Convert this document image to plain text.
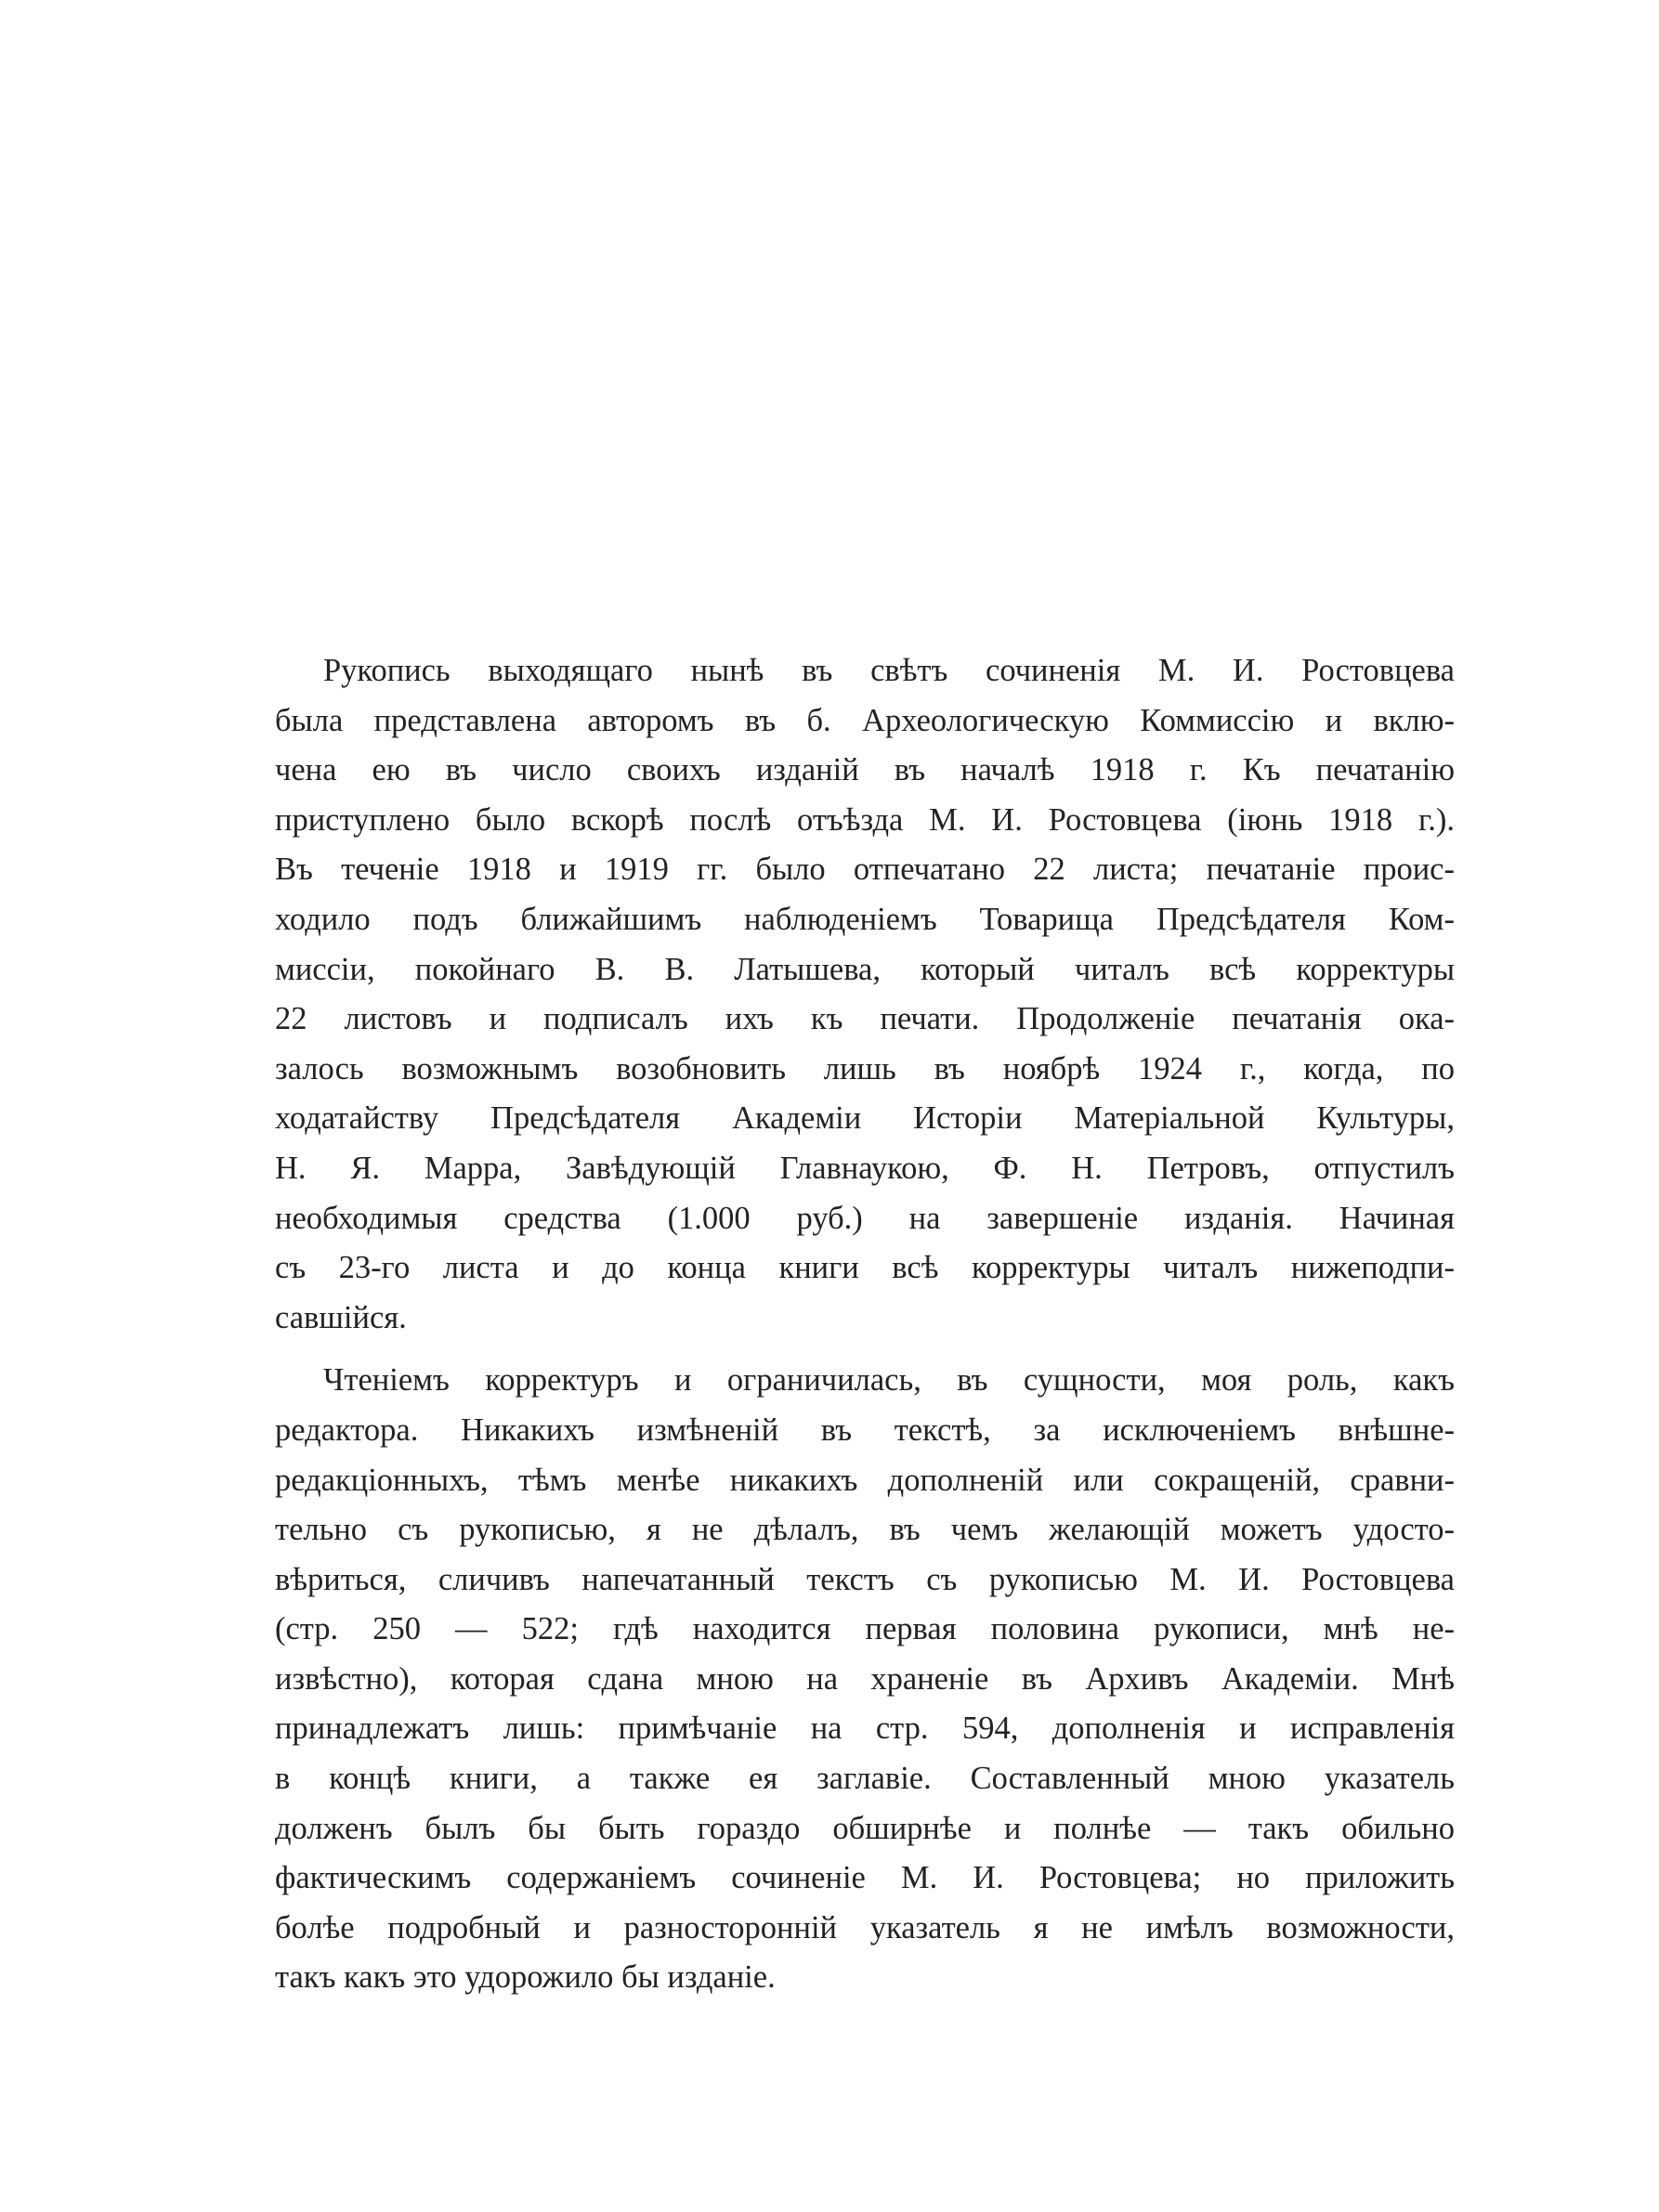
Рукопись выходящаго нынѣ въ свѣтъ сочиненія М. И. Ростовцева
была представлена авторомъ въ б. Археологическую Коммиссію и вклю-
чена ею въ число своихъ изданій въ началѣ 1918 г. Къ печатанію
приступлено было вскорѣ послѣ отъѣзда М. И. Ростовцева (іюнь 1918 г.).
Въ теченіе 1918 и 1919 гг. было отпечатано 22 листа; печатаніе проис-
ходило подъ ближайшимъ наблюденіемъ Товарища Предсѣдателя Ком-
миссіи, покойнаго В. В. Латышева, который читалъ всѣ корректуры
22 листовъ и подписалъ ихъ къ печати. Продолженіе печатанія ока-
залось возможнымъ возобновить лишь въ ноябрѣ 1924 г., когда, по
ходатайству Предсѣдателя Академіи Исторіи Матеріальной Культуры,
Н. Я. Марра, Завѣдующій Главнаукою, Ф. Н. Петровъ, отпустилъ
необходимыя средства (1.000 руб.) на завершеніе изданія. Начиная
съ 23-го листа и до конца книги всѣ корректуры читалъ нижеподпи-
савшійся.

Чтеніемъ корректуръ и ограничилась, въ сущности, моя роль, какъ
редактора. Никакихъ измѣненій въ текстѣ, за исключеніемъ внѣшне-
редакціонныхъ, тѣмъ менѣе никакихъ дополненій или сокращеній, сравни-
тельно съ рукописью, я не дѣлалъ, въ чемъ желающій можетъ удосто-
вѣриться, сличивъ напечатанный текстъ съ рукописью М. И. Ростовцева
(стр. 250 — 522; гдѣ находится первая половина рукописи, мнѣ не-
извѣстно), которая сдана мною на храненіе въ Архивъ Академіи. Мнѣ
принадлежатъ лишь: примѣчаніе на стр. 594, дополненія и исправленія
в концѣ книги, а также ея заглавіе. Составленный мною указатель
долженъ былъ бы быть гораздо обширнѣе и полнѣе — такъ обильно
фактическимъ содержаніемъ сочиненіе М. И. Ростовцева; но приложить
болѣе подробный и разносторонній указатель я не имѣлъ возможности,
такъ какъ это удорожило бы изданіе.
